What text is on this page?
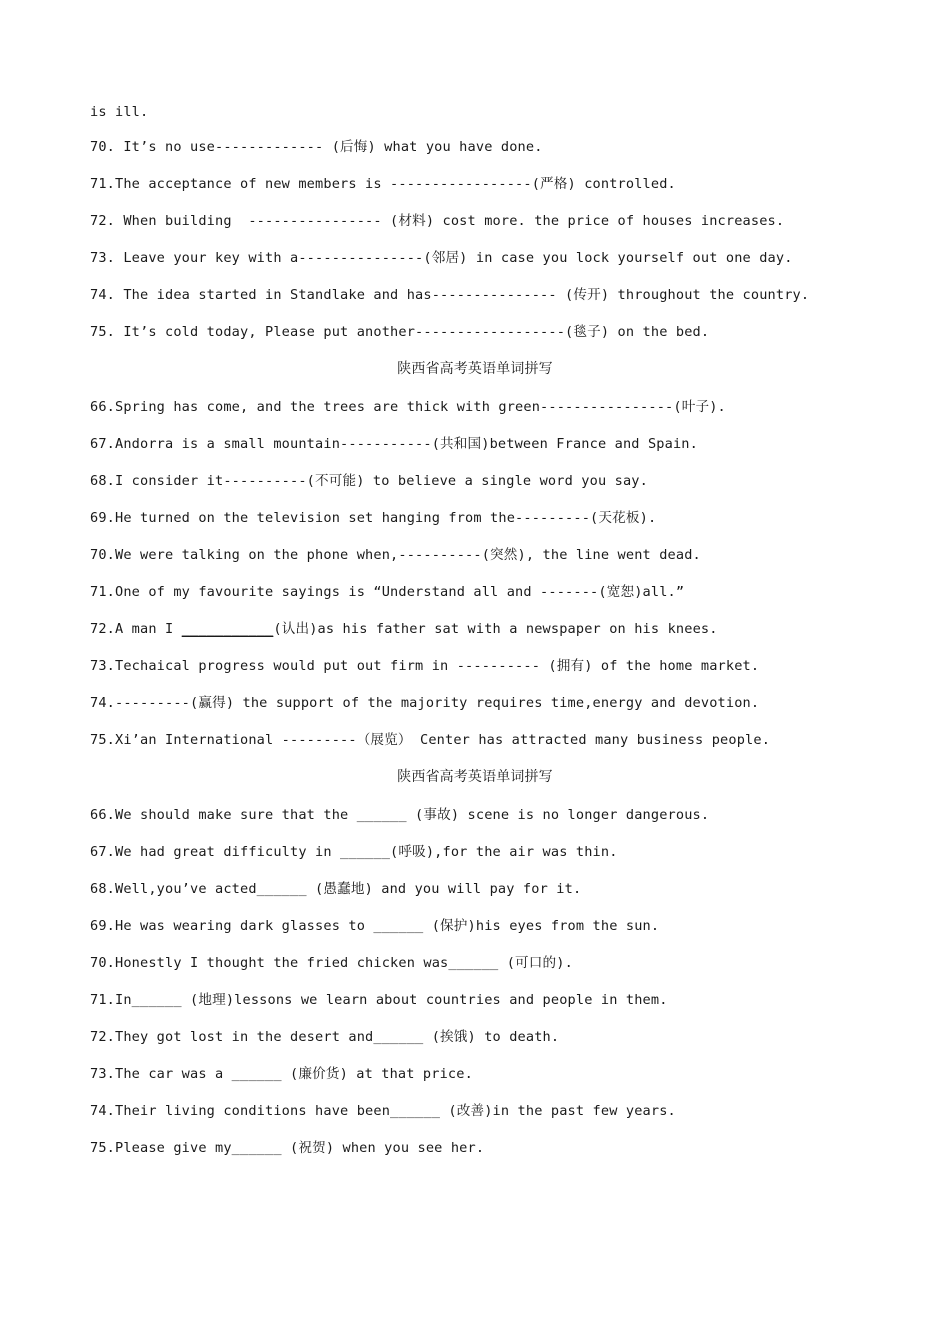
is ill.
70. It’s no use------------- (后悔) what you have done.
71.The acceptance of new members is -----------------(严格) controlled.
72. When building  ---------------- (材料) cost more. the price of houses increases.
73. Leave your key with a---------------(邻居) in case you lock yourself out one day.
74. The idea started in Standlake and has--------------- (传开) throughout the country.
75. It’s cold today, Please put another------------------(毯子) on the bed.
陕西省高考英语单词拼写
66.Spring has come, and the trees are thick with green----------------(叶子).
67.Andorra is a small mountain-----------(共和国)between France and Spain.
68.I consider it----------(不可能) to believe a single word you say.
69.He turned on the television set hanging from the---------(天花板).
70.We were talking on the phone when,----------(突然), the line went dead.
71.One of my favourite sayings is “Understand all and -------(宽恕)all.”
72.A man I ___________(认出)as his father sat with a newspaper on his knees.
73.Techaical progress would put out firm in ---------- (拥有) of the home market.
74.---------(赢得) the support of the majority requires time,energy and devotion.
75.Xi’an International ---------（展览） Center has attracted many business people.
陕西省高考英语单词拼写
66.We should make sure that the ______ (事故) scene is no longer dangerous.
67.We had great difficulty in ______(呼吸),for the air was thin.
68.Well,you’ve acted______ (愚蠢地) and you will pay for it.
69.He was wearing dark glasses to ______ (保护)his eyes from the sun.
70.Honestly I thought the fried chicken was______ (可口的).
71.In______ (地理)lessons we learn about countries and people in them.
72.They got lost in the desert and______ (挨饿) to death.
73.The car was a ______ (廉价货) at that price.
74.Their living conditions have been______ (改善)in the past few years.
75.Please give my______ (祝贺) when you see her.
